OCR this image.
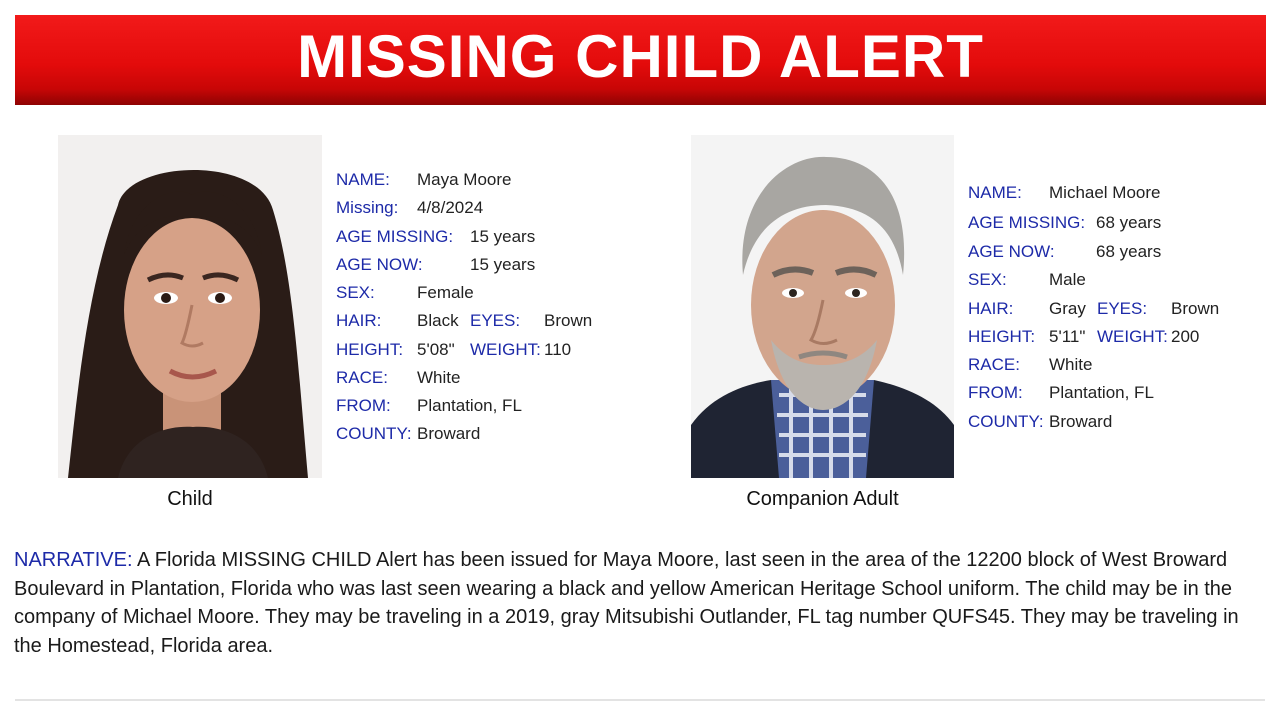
MISSING CHILD ALERT
Child
NAME: Maya Moore
Missing: 4/8/2024
AGE MISSING: 15 years
AGE NOW:	15 years
SEX: Female
HAIR: Black EYES: Brown
HEIGHT: 5'08" WEIGHT: 110
RACE: White
FROM: Plantation, FL
COUNTY: Broward
Companion Adult
NAME: Michael Moore
AGE MISSING: 68 years
AGE NOW: 68 years
SEX: Male
HAIR: Gray EYES: Brown
HEIGHT: 5'11" WEIGHT: 200
RACE: White
FROM: Plantation, FL
COUNTY: Broward

NARRATIVE: A Florida MISSING CHILD Alert has been issued for Maya Moore, last seen in the area of the 12200 block of West Broward Boulevard in Plantation, Florida who was last seen wearing a black and yellow American Heritage School uniform. The child may be in the company of Michael Moore. They may be traveling in a 2019, gray Mitsubishi Outlander, FL tag number QUFS45. They may be traveling in the Homestead, Florida area.
